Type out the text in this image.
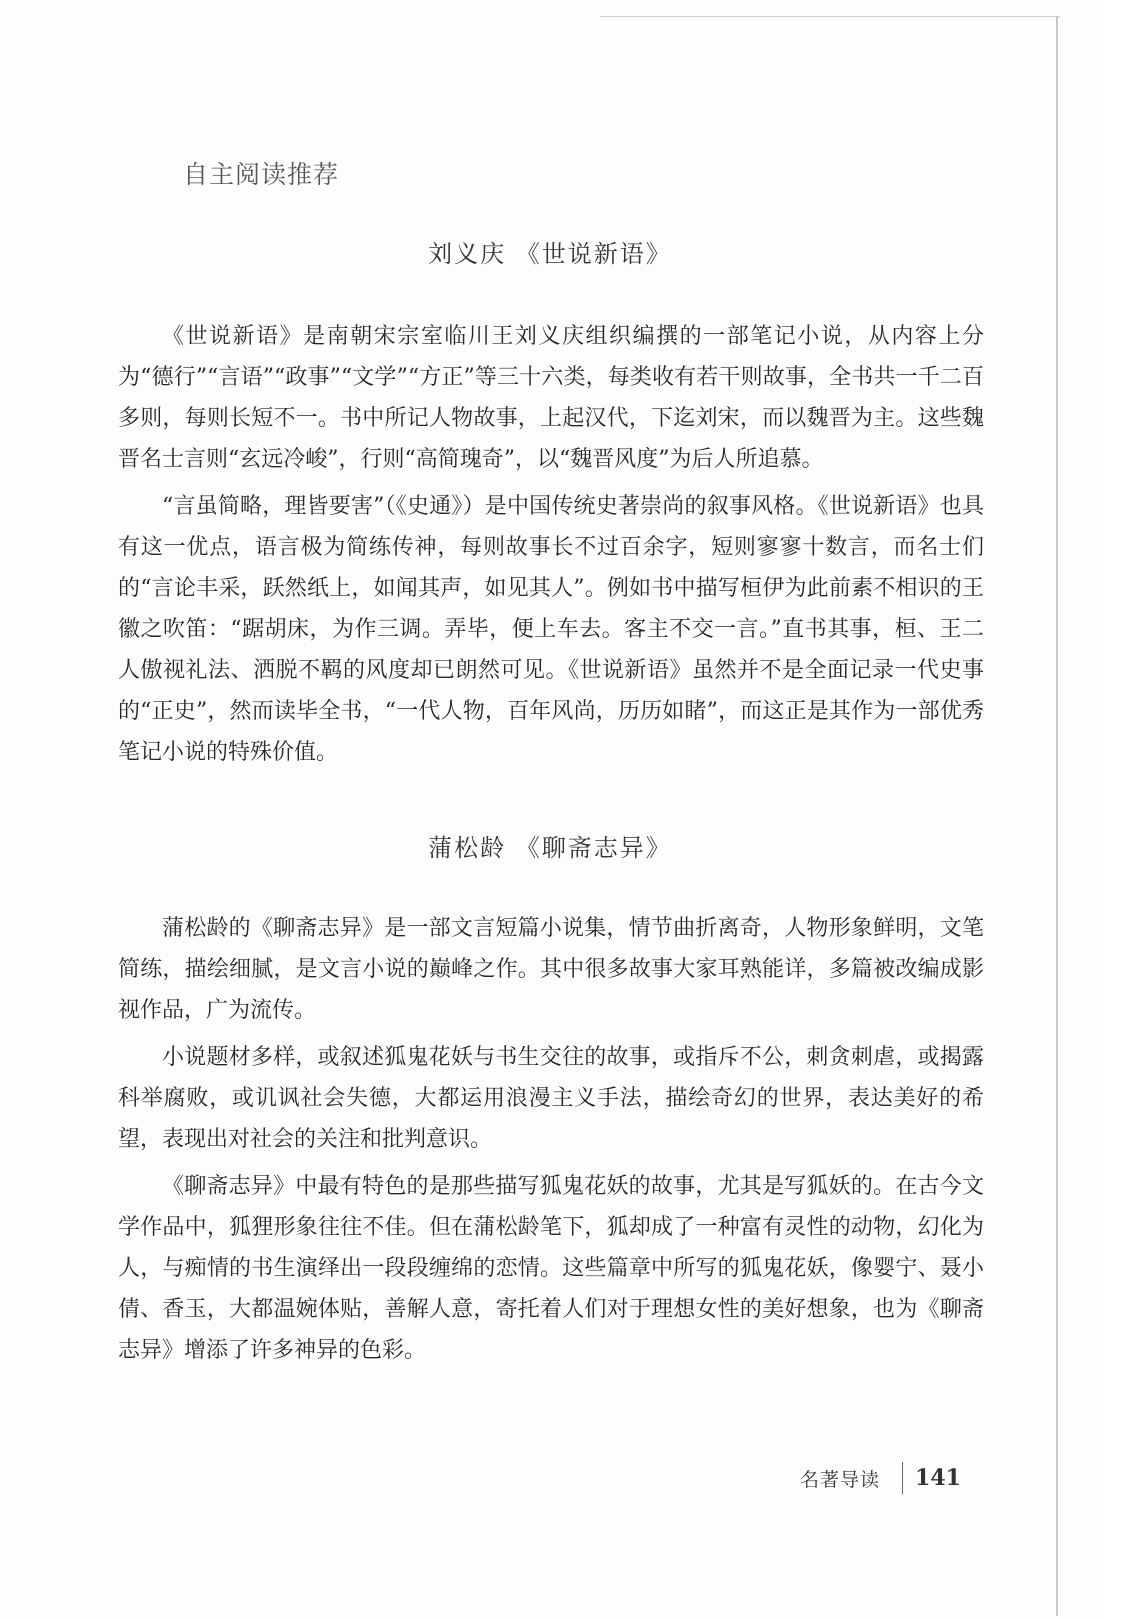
自主阅读推荐
刘义庆 《世说新语》

《世说新语》是南朝宋宗室临川王刘义庆组织编撰的一部笔记小说，从内容上分为“德行”“言语”“政事”“文学”“方正”等三十六类，每类收有若干则故事，全书共一千二百多则，每则长短不一。书中所记人物故事，上起汉代，下迄刘宋，而以魏晋为主。这些魏晋名士言则“玄远冷峻”，行则“高简瑰奇”，以“魏晋风度”为后人所追慕。

“言虽简略，理皆要害”（《史通》）是中国传统史著崇尚的叙事风格。《世说新语》也具有这一优点，语言极为简练传神，每则故事长不过百余字，短则寥寥十数言，而名士们的“言论丰采，跃然纸上，如闻其声，如见其人”。例如书中描写桓伊为此前素不相识的王徽之吹笛：“踞胡床，为作三调。弄毕，便上车去。客主不交一言。”直书其事，桓、王二人傲视礼法、洒脱不羁的风度却已朗然可见。《世说新语》虽然并不是全面记录一代史事的“正史”，然而读毕全书，“一代人物，百年风尚，历历如睹”，而这正是其作为一部优秀笔记小说的特殊价值。

蒲松龄 《聊斋志异》

蒲松龄的《聊斋志异》是一部文言短篇小说集，情节曲折离奇，人物形象鲜明，文笔简练，描绘细腻，是文言小说的巅峰之作。其中很多故事大家耳熟能详，多篇被改编成影视作品，广为流传。

小说题材多样，或叙述狐鬼花妖与书生交往的故事，或指斥不公，刺贪刺虐，或揭露科举腐败，或讥讽社会失德，大都运用浪漫主义手法，描绘奇幻的世界，表达美好的希望，表现出对社会的关注和批判意识。

《聊斋志异》中最有特色的是那些描写狐鬼花妖的故事，尤其是写狐妖的。在古今文学作品中，狐狸形象往往不佳。但在蒲松龄笔下，狐却成了一种富有灵性的动物，幻化为人，与痴情的书生演绎出一段段缠绵的恋情。这些篇章中所写的狐鬼花妖，像婴宁、聂小倩、香玉，大都温婉体贴，善解人意，寄托着人们对于理想女性的美好想象，也为《聊斋志异》增添了许多神异的色彩。

名著导读 141
